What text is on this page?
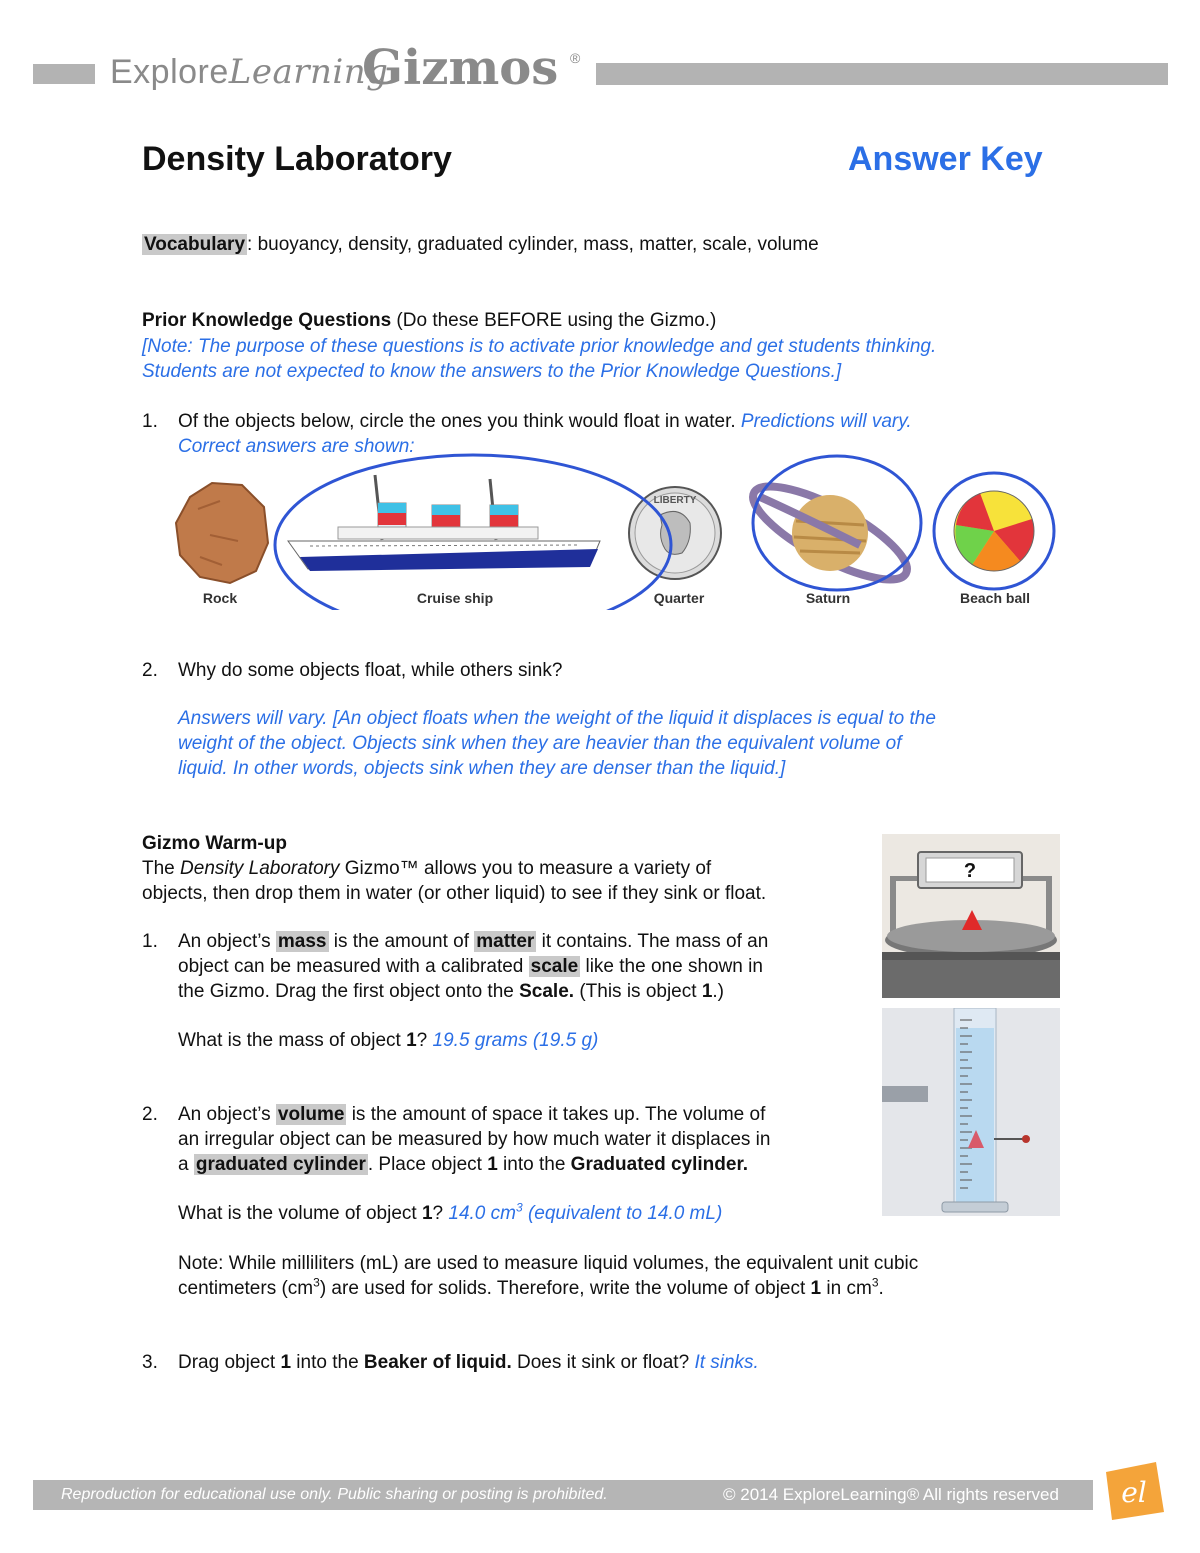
ExploreLearning
Gizmos ®
Density Laboratory	Answer Key
Vocabulary : buoyancy, density, graduated cylinder, mass, matter, scale, volume
Prior Knowledge Questions (Do these BEFORE using the Gizmo.)
[Note: The purpose of these questions is to activate prior knowledge and get students thinking.
Students are not expected to know the answers to the Prior Knowledge Questions.]
1. Of the objects below, circle the ones you think would float in water. Predictions will vary.
Correct answers are shown:
LIBERTY
Rock	Cruise ship	Quarter	Saturn	Beach ball
2. Why do some objects float, while others sink?
Answers will vary. [An object floats when the weight of the liquid it displaces is equal to the
weight of the object. Objects sink when they are heavier than the equivalent volume of
liquid. In other words, objects sink when they are denser than the liquid.]
Gizmo Warm-up
The Density Laboratory Gizmo™ allows you to measure a variety of
objects, then drop them in water (or other liquid) to see if they sink or float.
?
1. An object’s mass is the amount of matter it contains. The mass of an
object can be measured with a calibrated scale like the one shown in
the Gizmo. Drag the first object onto the Scale. (This is object 1.)
What is the mass of object 1? 19.5 grams (19.5 g)
2. An object’s volume is the amount of space it takes up. The volume of
an irregular object can be measured by how much water it displaces in
a graduated cylinder . Place object 1 into the Graduated cylinder.
What is the volume of object 1? 14.0 cm$^3$ (equivalent to 14.0 mL)
Note: While milliliters (mL) are used to measure liquid volumes, the equivalent unit cubic
centimeters (cm$^3$) are used for solids. Therefore, write the volume of object 1 in cm$^3$.
3. Drag object 1 into the Beaker of liquid. Does it sink or float? It sinks.
Reproduction for educational use only. Public sharing or posting is prohibited.	© 2014 ExploreLearning® All rights reserved el
